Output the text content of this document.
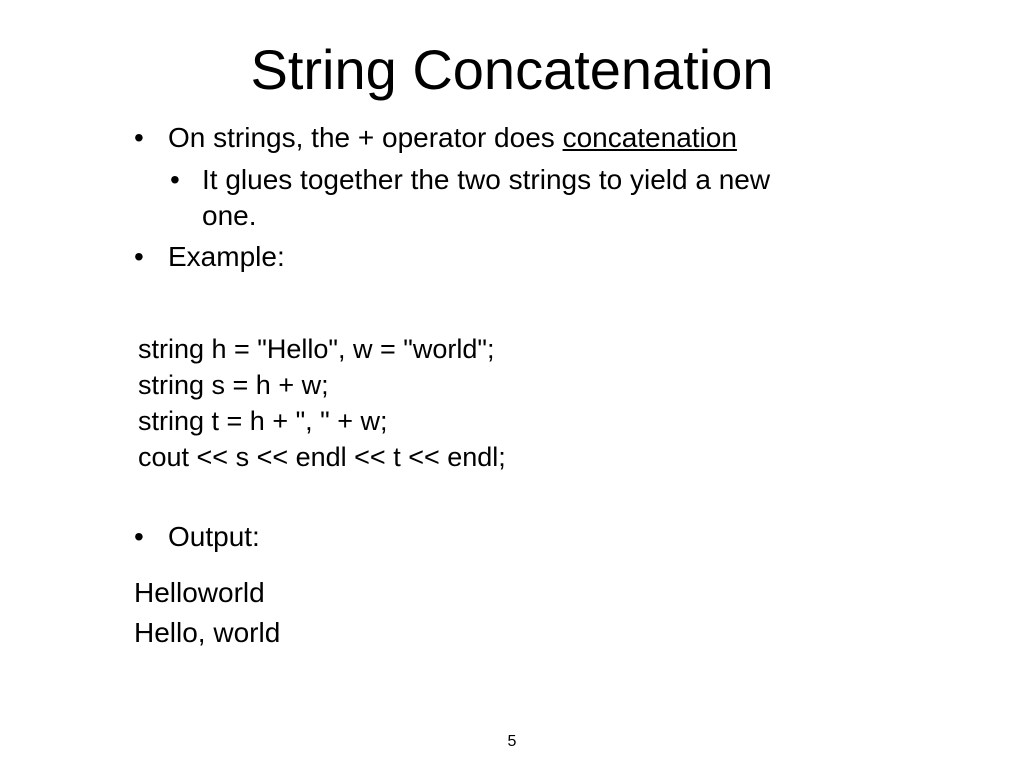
String Concatenation
• On strings, the + operator does concatenation
• It glues together the two strings to yield a new
one.
• Example:
string h = "Hello", w = "world";
string s = h + w;
string t = h + ", " + w;
cout << s << endl << t << endl;
• Output:
Helloworld
Hello, world
5
